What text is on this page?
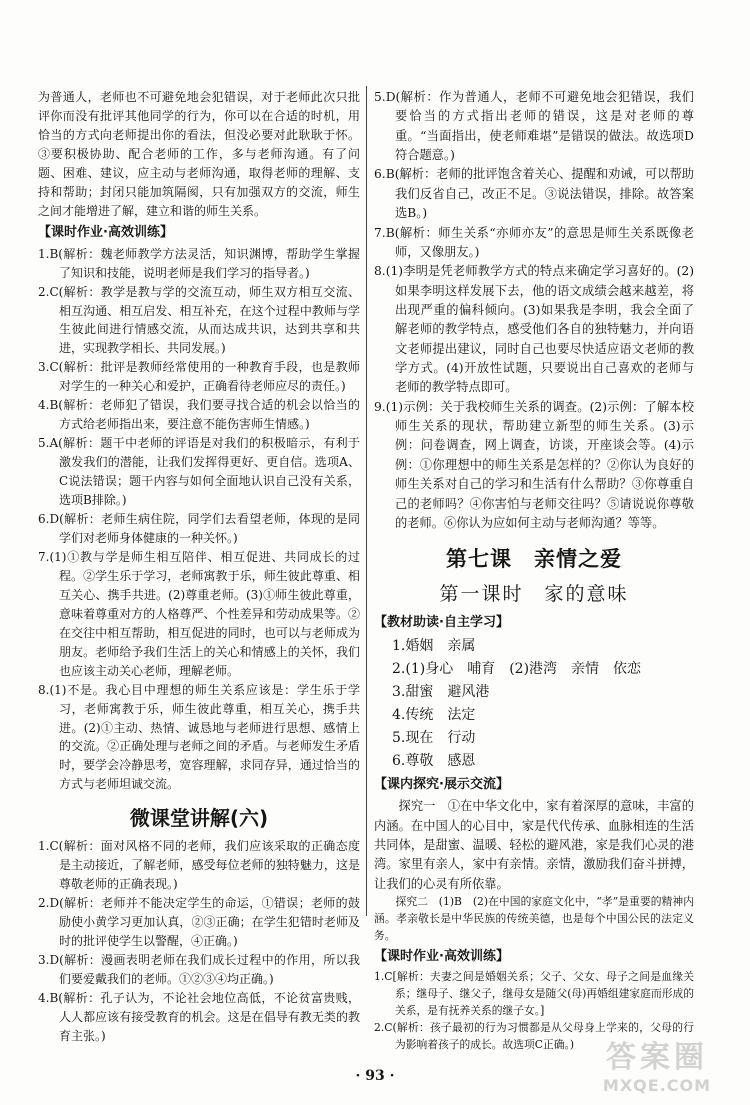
为普通人，老师也不可避免地会犯错误，对于老师此次只批评你而没有批评其他同学的行为，你可以在合适的时机，用恰当的方式向老师提出你的看法，但没必要对此耿耿于怀。③要积极协助、配合老师的工作，多与老师沟通。有了问题、困难、建议，应主动与老师沟通，取得老师的理解、支持和帮助；封闭只能加筑隔阂，只有加强双方的交流，师生之间才能增进了解，建立和谐的师生关系。

【课时作业·高效训练】

1.B(解析：魏老师教学方法灵活，知识渊博，帮助学生掌握了知识和技能，说明老师是我们学习的指导者。)

2.C(解析：教学是教与学的交流互动，师生双方相互交流、相互沟通、相互启发、相互补充，在这个过程中教师与学生彼此间进行情感交流，从而达成共识，达到共享和共进，实现教学相长、共同发展。)

3.C(解析：批评是教师经常使用的一种教育手段，也是教师对学生的一种关心和爱护，正确看待老师应尽的责任。)

4.B(解析：老师犯了错误，我们要寻找合适的机会以恰当的方式给老师指出来，要注意不能伤害师生情感。)

5.A(解析：题干中老师的评语是对我们的积极暗示，有利于激发我们的潜能，让我们发挥得更好、更自信。选项A、C说法错误；题干内容与如何全面地认识自己没有关系，选项B排除。)

6.D(解析：老师生病住院，同学们去看望老师，体现的是同学们对老师身体健康的一种关怀。)

7.(1)①教与学是师生相互陪伴、相互促进、共同成长的过程。②学生乐于学习，老师寓教于乐，师生彼此尊重、相互关心、携手共进。(2)尊重老师。(3)①师生彼此尊重，意味着尊重对方的人格尊严、个性差异和劳动成果等。②在交往中相互帮助，相互促进的同时，也可以与老师成为朋友。老师给予我们生活上的关心和情感上的关怀，我们也应该主动关心老师，理解老师。

8.(1)不是。我心目中理想的师生关系应该是：学生乐于学习，老师寓教于乐，师生彼此尊重，相互关心，携手共进。(2)①主动、热情、诚恳地与老师进行思想、感情上的交流。②正确处理与老师之间的矛盾。与老师发生矛盾时，要学会冷静思考，宽容理解，求同存异，通过恰当的方式与老师坦诚交流。

微课堂讲解(六)

1.C(解析：面对风格不同的老师，我们应该采取的正确态度是主动接近，了解老师，感受每位老师的独特魅力，这是尊敬老师的正确表现。)

2.D(解析：老师并不能决定学生的命运，①错误；老师的鼓励使小黄学习更加认真，②③正确；在学生犯错时老师及时的批评使学生以警醒，④正确。)

3.D(解析：漫画表明老师在我们成长过程中的作用，所以我们要爱戴我们的老师。①②③④均正确。)

4.B(解析：孔子认为，不论社会地位高低，不论贫富贵贱，人人都应该有接受教育的机会。这是在倡导有教无类的教育主张。)

5.D(解析：作为普通人，老师不可避免地会犯错误，我们要恰当的方式指出老师的错误，这是对老师的尊重。“当面指出，使老师难堪”是错误的做法。故选项D符合题意。)

6.B(解析：老师的批评饱含着关心、提醒和劝诫，可以帮助我们反省自己，改正不足。③说法错误，排除。故答案选B。)

7.B(解析：师生关系“亦师亦友”的意思是师生关系既像老师，又像朋友。)

8.(1)李明是凭老师教学方式的特点来确定学习喜好的。(2)如果李明这样发展下去，他的语文成绩会越来越差，将出现严重的偏科倾向。(3)如果我是李明，我会全面了解老师的教学特点，感受他们各自的独特魅力，并向语文老师提出建议，同时自己也要尽快适应语文老师的教学方式。(4)开放性试题，只要说出自己喜欢的老师与老师的教学特点即可。

9.(1)示例：关于我校师生关系的调查。(2)示例：了解本校师生关系的现状，帮助建立新型的师生关系。(3)示例：问卷调查，网上调查，访谈，开座谈会等。(4)示例：①你理想中的师生关系是怎样的？②你认为良好的师生关系对自己的学习和生活有什么帮助？③你尊重自己的老师吗？④你害怕与老师交往吗？⑤请说说你尊敬的老师。⑥你认为应如何主动与老师沟通？等等。

第七课　亲情之爱

第一课时　家的意味

【教材助读·自主学习】

1.婚姻 亲属

2.(1)身心 哺育 (2)港湾 亲情 依恋

3.甜蜜 避风港

4.传统 法定

5.现在 行动

6.尊敬 感恩

【课内探究·展示交流】

探究一　①在中华文化中，家有着深厚的意味，丰富的内涵。在中国人的心目中，家是代代传承、血脉相连的生活共同体，是甜蜜、温暖、轻松的避风港，家是我们心灵的港湾。家里有亲人，家中有亲情。亲情，激励我们奋斗拼搏，让我们的心灵有所依靠。

探究二　(1)B　(2)在中国的家庭文化中，“孝”是重要的精神内涵。孝亲敬长是中华民族的传统美德，也是每个中国公民的法定义务。

【课时作业·高效训练】

1.C[解析：夫妻之间是婚姻关系；父子、父女、母子之间是血缘关系；继母子、继父子，继母女是随父(母)再婚组建家庭而形成的关系，是有抚养关系的继子女。]

2.C(解析：孩子最初的行为习惯都是从父母身上学来的，父母的行为影响着孩子的成长。故选项C正确。)

· 93 ·
答案圈
MXQE.COM
